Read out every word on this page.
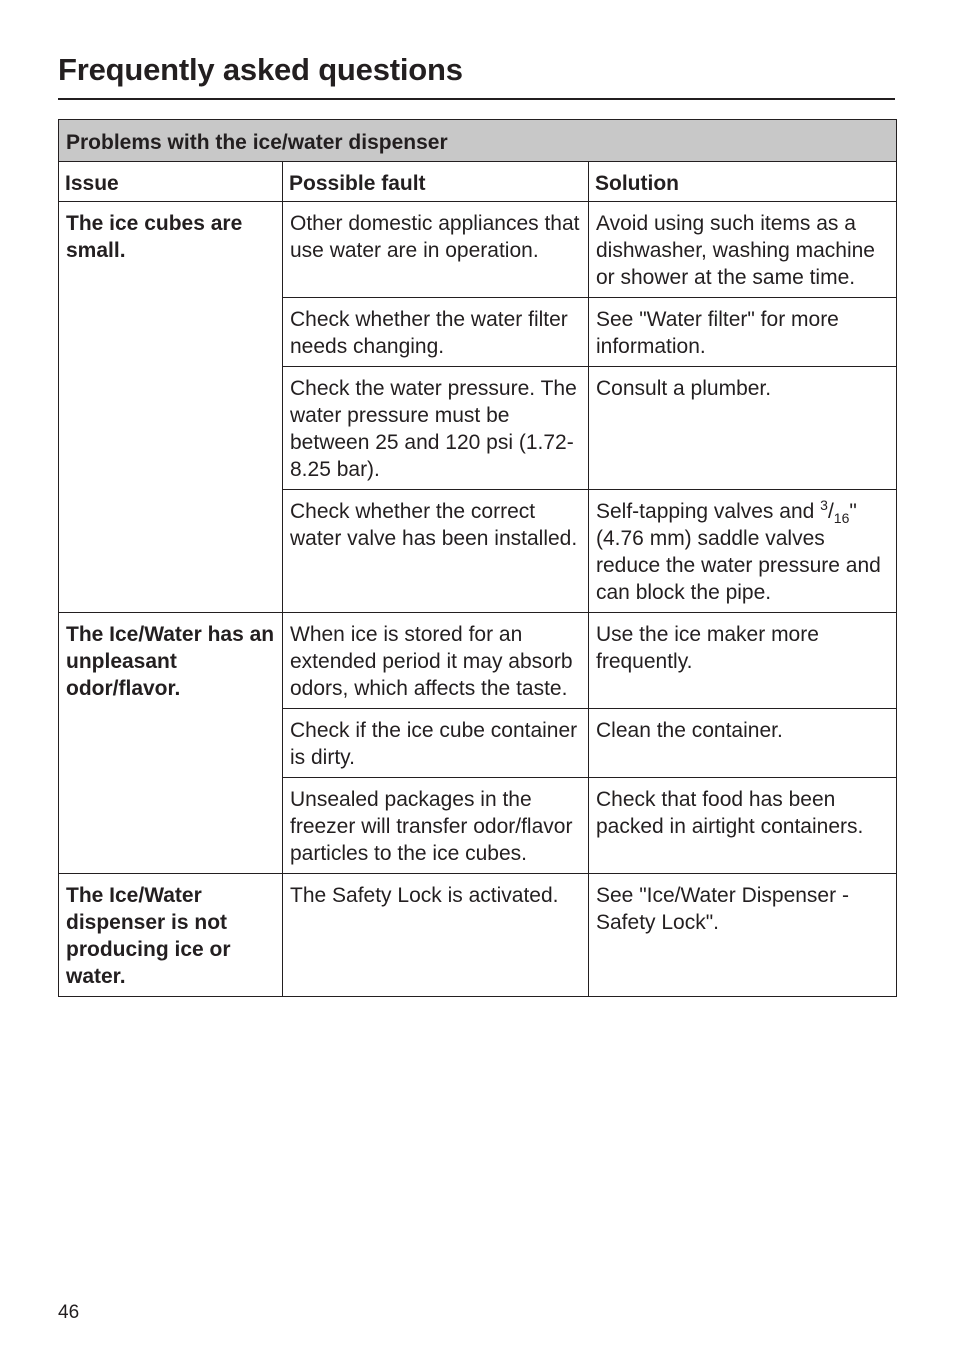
Frequently asked questions
Problems with the ice/water dispenser		
Issue	Possible fault	Solution
The ice cubes are small.	Other domestic appliances that use water are in operation.	Avoid using such items as a dishwasher, washing machine or shower at the same time.
	Check whether the water filter needs changing.	See "Water filter" for more information.
	Check the water pressure. The water pressure must be between 25 and 120 psi (1.72-8.25 bar).	Consult a plumber.
	Check whether the correct water valve has been installed.	Self-tapping valves and $^3/_{16}$" (4.76 mm) saddle valves reduce the water pressure and can block the pipe.
The Ice/Water has an unpleasant odor/flavor.	When ice is stored for an extended period it may absorb odors, which affects the taste.	Use the ice maker more frequently.
	Check if the ice cube container is dirty.	Clean the container.
	Unsealed packages in the freezer will transfer odor/flavor particles to the ice cubes.	Check that food has been packed in airtight containers.
The Ice/Water dispenser is not producing ice or water.	The Safety Lock is activated.	See "Ice/Water Dispenser - Safety Lock".
46
